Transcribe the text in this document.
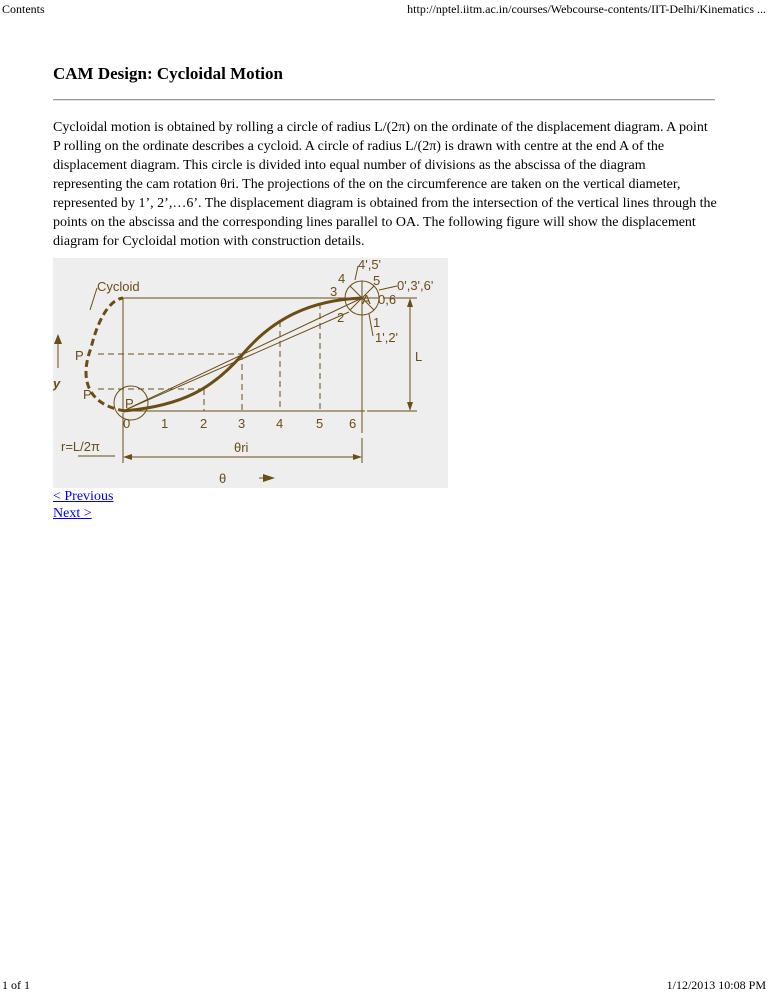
Contents	http://nptel.iitm.ac.in/courses/Webcourse-contents/IIT-Delhi/Kinematics ...
CAM Design: Cycloidal Motion

Cycloidal motion is obtained by rolling a circle of radius L/(2π) on the ordinate of the displacement diagram. A point P rolling on the ordinate describes a cycloid. A circle of radius L/(2π) is drawn with centre at the end A of the displacement diagram. This circle is divided into equal number of divisions as the abscissa of the diagram representing the cam rotation θri. The projections of the on the circumference are taken on the vertical diameter, represented by 1’, 2’,…6’. The displacement diagram is obtained from the intersection of the vertical lines through the points on the abscissa and the corresponding lines parallel to OA. The following figure will show the displacement diagram for Cycloidal motion with construction details.

Cycloid
P
P
P
y
r=L/2π
0 1 2 3 4	5 6
θri
θ
L
A
4',5'
0',3',6'
0,6
1
1',2'
2
3
4 5
< Previous
Next >
1 of 1	1/12/2013 10:08 PM
